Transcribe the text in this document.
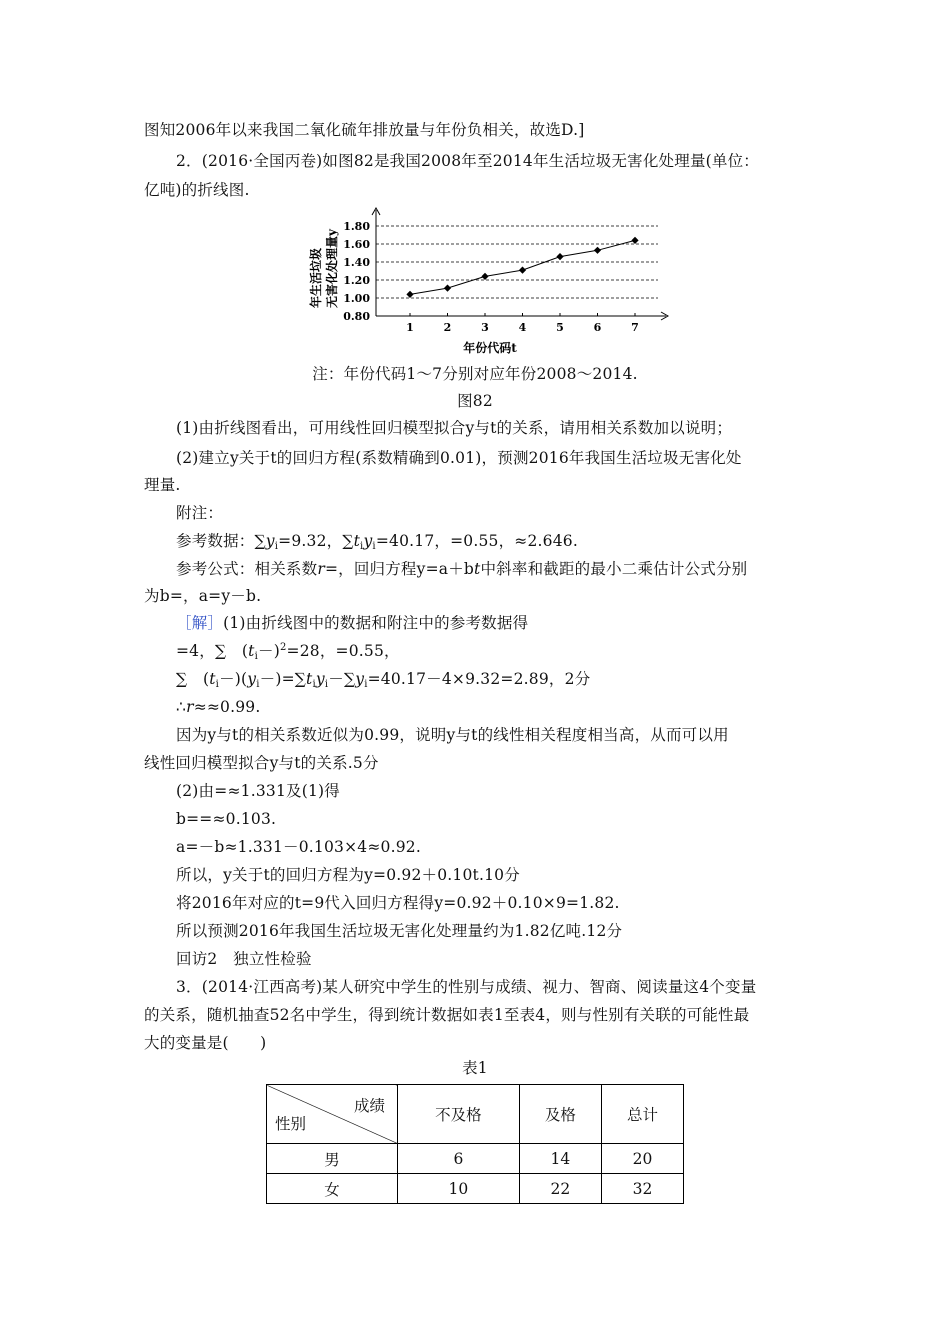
图知2006年以来我国二氧化硫年排放量与年份负相关，故选D.]
2．(2016·全国丙卷)如图82是我国2008年至2014年生活垃圾无害化处理量(单位：
亿吨)的折线图.
年生活垃圾 无害化处理量y
0.80
1.00
1.20
1.40
1.60
1.80
1	2	3	4	5	6	7
年份代码t
注：年份代码1～7分别对应年份2008～2014.
图82
(1)由折线图看出，可用线性回归模型拟合y与t的关系，请用相关系数加以说明；
(2)建立y关于t的回归方程(系数精确到0.01)，预测2016年我国生活垃圾无害化处
理量.
附注：
参考数据：$\sum y_i=9.32$，$\sum t_iy_i=40.17$，=0.55，≈2.646.
参考公式：相关系数r=，回归方程y=a＋bt中斜率和截距的最小二乘估计公式分别
为b=，a=y－b.
［解］(1)由折线图中的数据和附注中的参考数据得
=4，∑　$(t_i-)^2=28$，=0.55，
∑　$(t_i-)(y_i-)=\sum t_iy_i-\sum y_i=40.17-4\times 9.32=2.89$，2分
∴r≈≈0.99.
因为y与t的相关系数近似为0.99，说明y与t的线性相关程度相当高，从而可以用
线性回归模型拟合y与t的关系.5分
(2)由=≈1.331及(1)得
b==≈0.103.
a=－b≈1.331－0.103×4≈0.92.
所以，y关于t的回归方程为y=0.92＋0.10t.10分
将2016年对应的t=9代入回归方程得y=0.92＋0.10×9=1.82.
所以预测2016年我国生活垃圾无害化处理量约为1.82亿吨.12分
回访2　独立性检验
3．(2014·江西高考)某人研究中学生的性别与成绩、视力、智商、阅读量这4个变量
的关系，随机抽查52名中学生，得到统计数据如表1至表4，则与性别有关联的可能性最
大的变量是(　　)
表1
成绩
性别	不及格	及格	总计
男	6	14	20
女	10	22	32
